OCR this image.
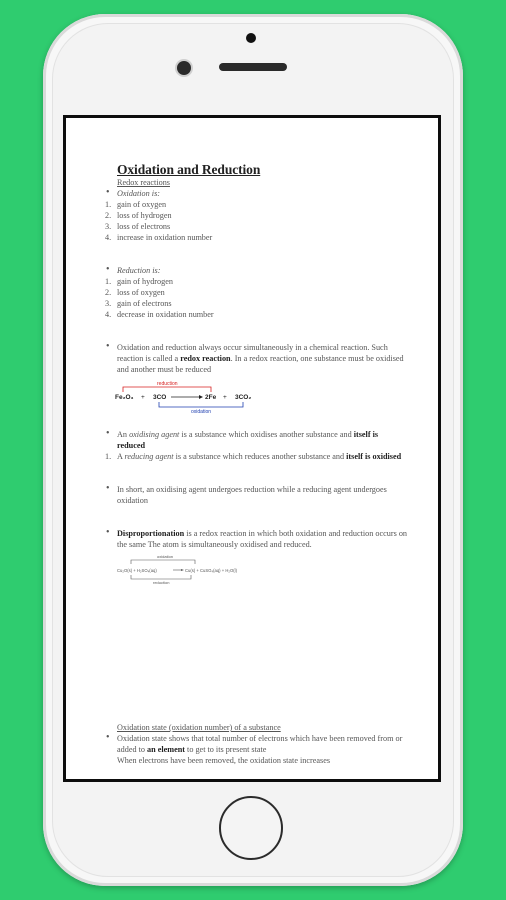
Oxidation and Reduction
Redox reactions
• Oxidation is:
1. gain of oxygen
2. loss of hydrogen
3. loss of electrons
4. increase in oxidation number
• Reduction is:
1. gain of hydrogen
2. loss of oxygen
3. gain of electrons
4. decrease in oxidation number
• Oxidation and reduction always occur simultaneously in a chemical reaction. Such reaction is called a redox reaction. In a redox reaction, one substance must be oxidised and another must be reduced
Fe₂O₃ + 3CO	2Fe + 3CO₂
reduction
oxidation
• An oxidising agent is a substance which oxidises another substance and itself is reduced
1. A reducing agent is a substance which reduces another substance and itself is oxidised
• In short, an oxidising agent undergoes reduction while a reducing agent undergoes oxidation
• Disproportionation is a redox reaction in which both oxidation and reduction occurs on the same The atom is simultaneously oxidised and reduced.
oxidation
Cu₂O(s) + H₂SO₄(aq)	Cu(s) + CuSO₄(aq) + H₂O(l)
reduction
Oxidation state (oxidation number) of a substance
• Oxidation state shows that total number of electrons which have been removed from or added to an element to get to its present state
When electrons have been removed, the oxidation state increases
